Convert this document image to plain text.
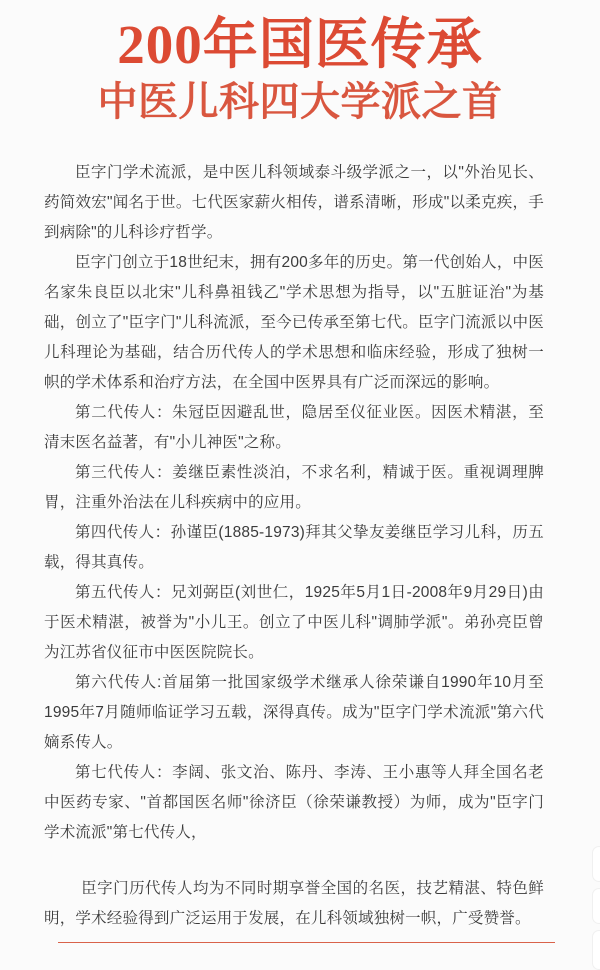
200年国医传承
中医儿科四大学派之首

臣字门学术流派，是中医儿科领域泰斗级学派之一，以"外治见长、药简效宏"闻名于世。七代医家薪火相传，谱系清晰，形成"以柔克疾，手到病除"的儿科诊疗哲学。

臣字门创立于18世纪末，拥有200多年的历史。第一代创始人，中医名家朱良臣以北宋"儿科鼻祖钱乙"学术思想为指导，以"五脏证治"为基础，创立了"臣字门"儿科流派，至今已传承至第七代。臣字门流派以中医儿科理论为基础，结合历代传人的学术思想和临床经验，形成了独树一帜的学术体系和治疗方法，在全国中医界具有广泛而深远的影响。

第二代传人：朱冠臣因避乱世，隐居至仪征业医。因医术精湛，至清末医名益著，有"小儿神医"之称。

第三代传人：姜继臣素性淡泊，不求名利，精诚于医。重视调理脾胃，注重外治法在儿科疾病中的应用。

第四代传人：孙谨臣(1885-1973)拜其父挚友姜继臣学习儿科，历五载，得其真传。

第五代传人：兄刘弼臣(刘世仁，1925年5月1日-2008年9月29日)由于医术精湛，被誉为"小儿王。创立了中医儿科"调肺学派"。弟孙亮臣曾为江苏省仪征市中医医院院长。

第六代传人:首届第一批国家级学术继承人徐荣谦自1990年10月至1995年7月随师临证学习五载，深得真传。成为"臣字门学术流派"第六代嫡系传人。

第七代传人：李阔、张文治、陈丹、李涛、王小惠等人拜全国名老中医药专家、"首都国医名师"徐济臣（徐荣谦教授）为师，成为"臣字门学术流派"第七代传人，

臣字门历代传人均为不同时期享誉全国的名医，技艺精湛、特色鲜明，学术经验得到广泛运用于发展，在儿科领域独树一帜，广受赞誉。
